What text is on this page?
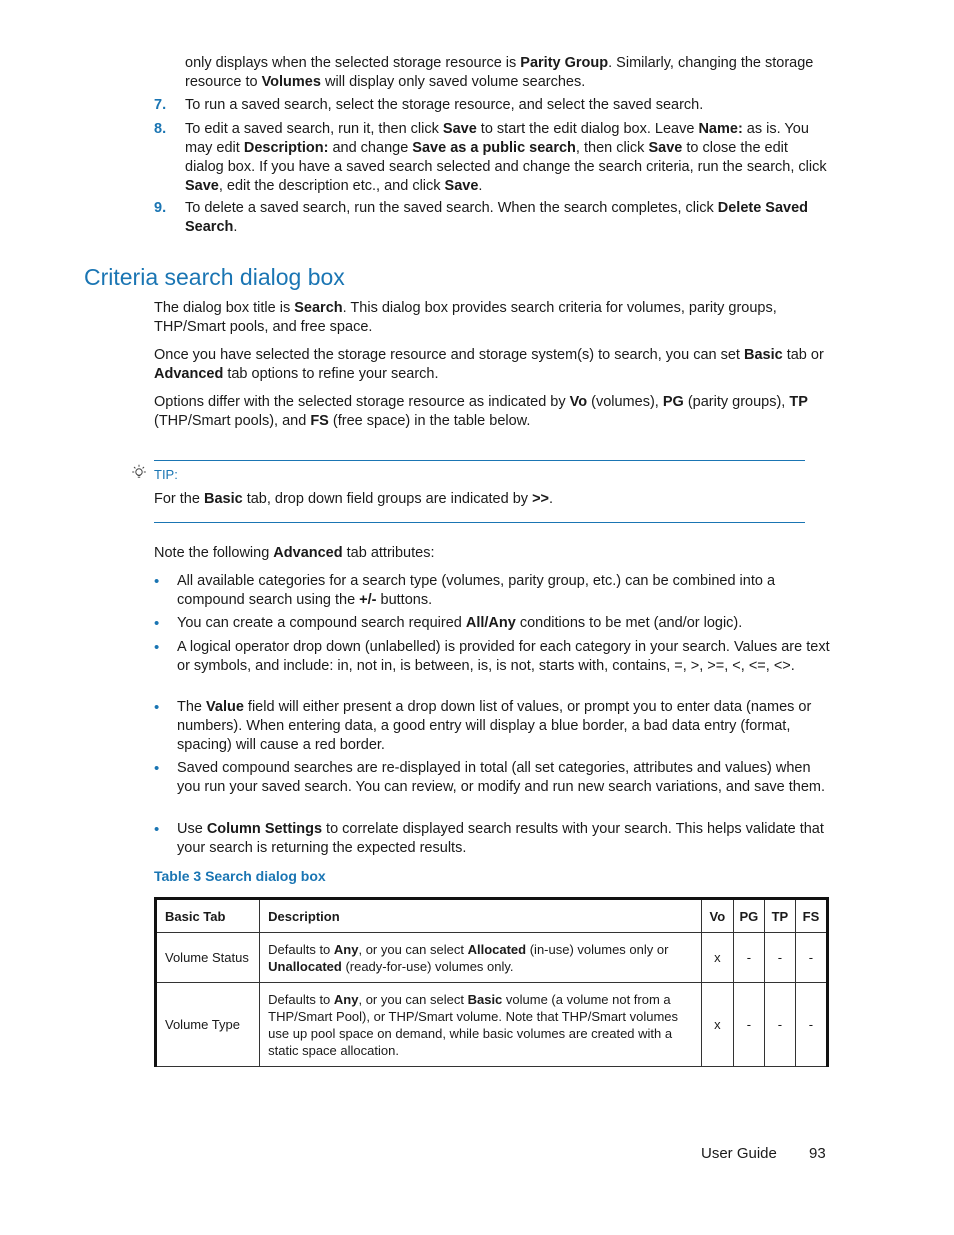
only displays when the selected storage resource is Parity Group. Similarly, changing the storage
resource to Volumes will display only saved volume searches.
7. To run a saved search, select the storage resource, and select the saved search.
8. To edit a saved search, run it, then click Save to start the edit dialog box. Leave Name: as is. You may edit Description: and change Save as a public search, then click Save to close the edit dialog box. If you have a saved search selected and change the search criteria, run the search, click Save, edit the description etc., and click Save.
9. To delete a saved search, run the saved search. When the search completes, click Delete Saved Search.
Criteria search dialog box
The dialog box title is Search. This dialog box provides search criteria for volumes, parity groups, THP/Smart pools, and free space.
Once you have selected the storage resource and storage system(s) to search, you can set Basic tab or Advanced tab options to refine your search.
Options differ with the selected storage resource as indicated by Vo (volumes), PG (parity groups), TP (THP/Smart pools), and FS (free space) in the table below.
TIP:
For the Basic tab, drop down field groups are indicated by >>.
Note the following Advanced tab attributes:
• All available categories for a search type (volumes, parity group, etc.) can be combined into a compound search using the +/- buttons.
• You can create a compound search required All/Any conditions to be met (and/or logic).
• A logical operator drop down (unlabelled) is provided for each category in your search. Values are text or symbols, and include: in, not in, is between, is, is not, starts with, contains, =, >, >=, <, <=, <>.
• The Value field will either present a drop down list of values, or prompt you to enter data (names or numbers). When entering data, a good entry will display a blue border, a bad data entry (format, spacing) will cause a red border.
• Saved compound searches are re-displayed in total (all set categories, attributes and values) when you run your saved search. You can review, or modify and run new search variations, and save them.
• Use Column Settings to correlate displayed search results with your search. This helps validate that your search is returning the expected results.
Table 3 Search dialog box
Basic Tab	Description	Vo	PG	TP	FS
Volume Status	Defaults to Any, or you can select Allocated (in-use) volumes only or Unallocated (ready-for-use) volumes only.	x	-	-	-
Volume Type	Defaults to Any, or you can select Basic volume (a volume not from a THP/Smart Pool), or THP/Smart volume. Note that THP/Smart volumes use up pool space on demand, while basic volumes are created with a static space allocation.	x	-	-	-
User Guide 93
